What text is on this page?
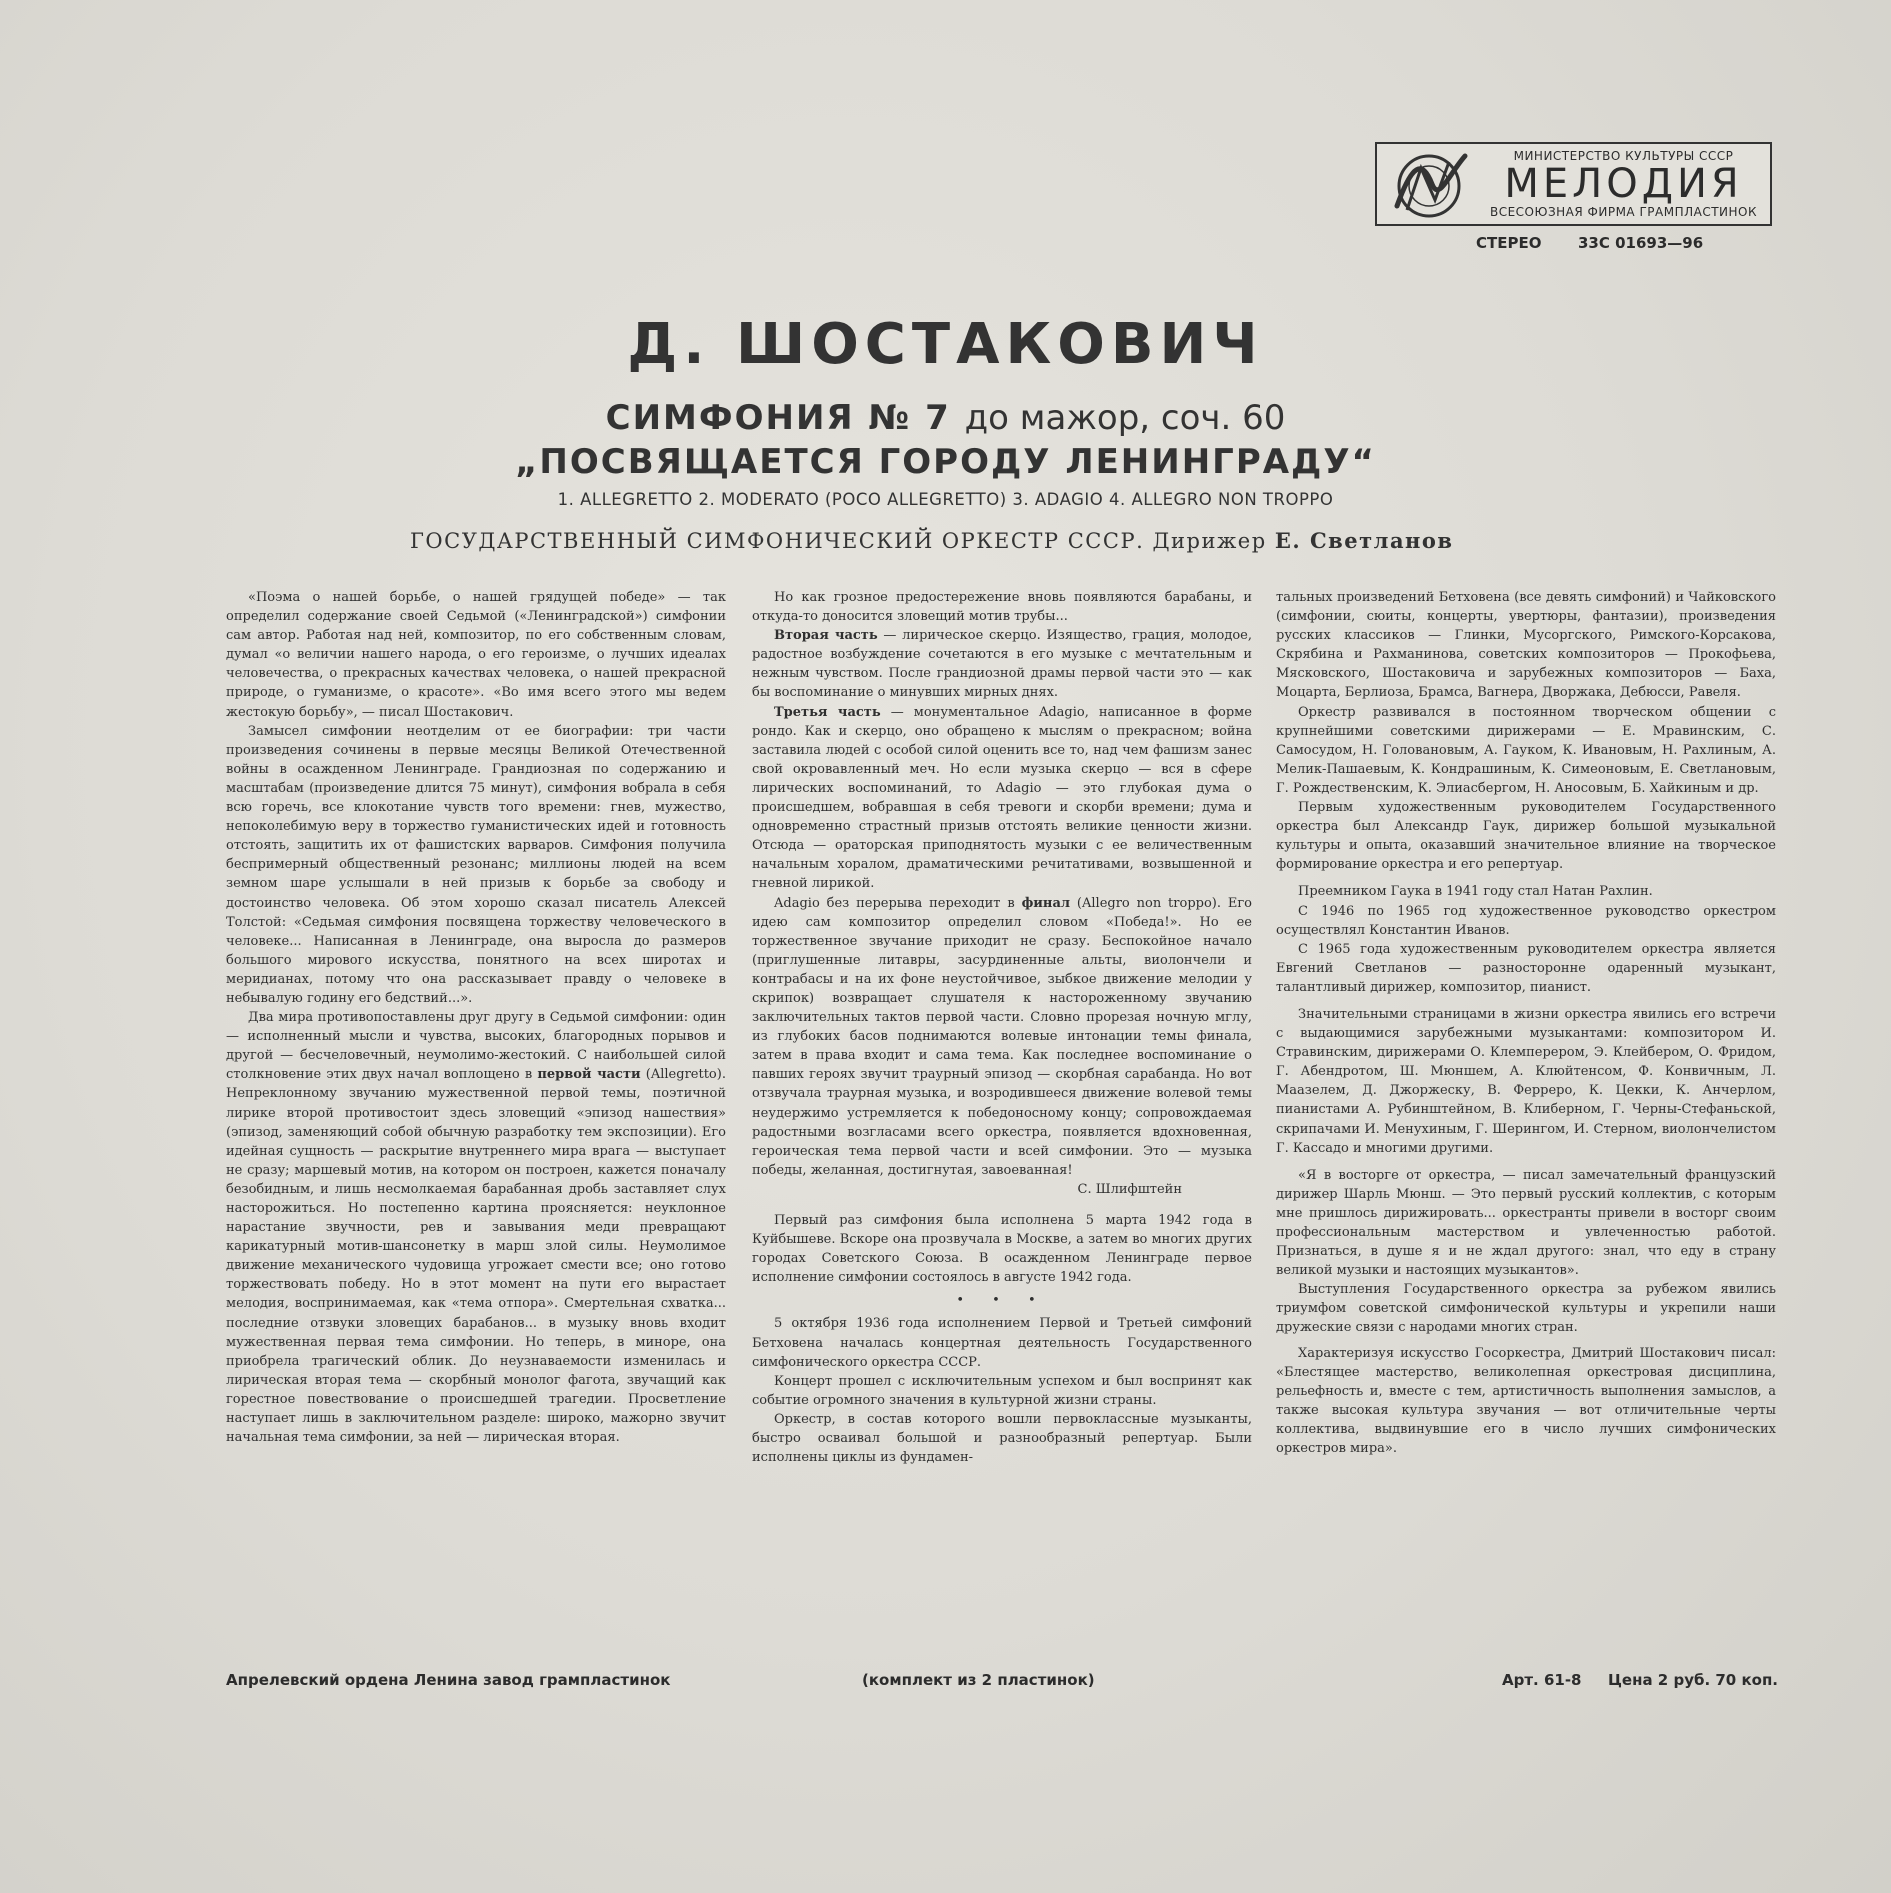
МИНИСТЕРСТВО КУЛЬТУРЫ СССР
МЕЛОДИЯ
ВСЕСОЮЗНАЯ ФИРМА ГРАМПЛАСТИНОК
СТЕРЕО 33С 01693—96
Д. ШОСТАКОВИЧ
СИМФОНИЯ № 7 до мажор, соч. 60
„ПОСВЯЩАЕТСЯ ГОРОДУ ЛЕНИНГРАДУ“
1. ALLEGRETTO 2. MODERATO (POCO ALLEGRETTO) 3. ADAGIO 4. ALLEGRO NON TROPPO
ГОСУДАРСТВЕННЫЙ СИМФОНИЧЕСКИЙ ОРКЕСТР СССР. Дирижер Е. Светланов

«Поэма о нашей борьбе, о нашей грядущей победе» — так определил содержание своей Седьмой («Ленинградской») симфонии сам автор. Работая над ней, композитор, по его собственным словам, думал «о величии нашего народа, о его героизме, о лучших идеалах человечества, о прекрасных качествах человека, о нашей прекрасной природе, о гуманизме, о красоте». «Во имя всего этого мы ведем жестокую борьбу», — писал Шостакович.

Замысел симфонии неотделим от ее биографии: три части произведения сочинены в первые месяцы Великой Отечественной войны в осажденном Ленинграде. Грандиозная по содержанию и масштабам (произведение длится 75 минут), симфония вобрала в себя всю горечь, все клокотание чувств того времени: гнев, мужество, непоколебимую веру в торжество гуманистических идей и готовность отстоять, защитить их от фашистских варваров. Симфония получила беспримерный общественный резонанс; миллионы людей на всем земном шаре услышали в ней призыв к борьбе за свободу и достоинство человека. Об этом хорошо сказал писатель Алексей Толстой: «Седьмая симфония посвящена торжеству человеческого в человеке... Написанная в Ленинграде, она выросла до размеров большого мирового искусства, понятного на всех широтах и меридианах, потому что она рассказывает правду о человеке в небывалую годину его бедствий...».

Два мира противопоставлены друг другу в Седьмой симфонии: один — исполненный мысли и чувства, высоких, благородных порывов и другой — бесчеловечный, неумолимо-жестокий. С наибольшей силой столкновение этих двух начал воплощено в первой части (Allegretto). Непреклонному звучанию мужественной первой темы, поэтичной лирике второй противостоит здесь зловещий «эпизод нашествия» (эпизод, заменяющий собой обычную разработку тем экспозиции). Его идейная сущность — раскрытие внутреннего мира врага — выступает не сразу; маршевый мотив, на котором он построен, кажется поначалу безобидным, и лишь несмолкаемая барабанная дробь заставляет слух насторожиться. Но постепенно картина проясняется: неуклонное нарастание звучности, рев и завывания меди превращают карикатурный мотив-шансонетку в марш злой силы. Неумолимое движение механического чудовища угрожает смести все; оно готово торжествовать победу. Но в этот момент на пути его вырастает мелодия, воспринимаемая, как «тема отпора». Смертельная схватка... последние отзвуки зловещих барабанов... в музыку вновь входит мужественная первая тема симфонии. Но теперь, в миноре, она приобрела трагический облик. До неузнаваемости изменилась и лирическая вторая тема — скорбный монолог фагота, звучащий как горестное повествование о происшедшей трагедии. Просветление наступает лишь в заключительном разделе: широко, мажорно звучит начальная тема симфонии, за ней — лирическая вторая.

Но как грозное предостережение вновь появляются барабаны, и откуда-то доносится зловещий мотив трубы...

Вторая часть — лирическое скерцо. Изящество, грация, молодое, радостное возбуждение сочетаются в его музыке с мечтательным и нежным чувством. После грандиозной драмы первой части это — как бы воспоминание о минувших мирных днях.

Третья часть — монументальное Adagio, написанное в форме рондо. Как и скерцо, оно обращено к мыслям о прекрасном; война заставила людей с особой силой оценить все то, над чем фашизм занес свой окровавленный меч. Но если музыка скерцо — вся в сфере лирических воспоминаний, то Adagio — это глубокая дума о происшедшем, вобравшая в себя тревоги и скорби времени; дума и одновременно страстный призыв отстоять великие ценности жизни. Отсюда — ораторская приподнятость музыки с ее величественным начальным хоралом, драматическими речитативами, возвышенной и гневной лирикой.

Adagio без перерыва переходит в финал (Allegro non troppo). Его идею сам композитор определил словом «Победа!». Но ее торжественное звучание приходит не сразу. Беспокойное начало (приглушенные литавры, засурдиненные альты, виолончели и контрабасы и на их фоне неустойчивое, зыбкое движение мелодии у скрипок) возвращает слушателя к настороженному звучанию заключительных тактов первой части. Словно прорезая ночную мглу, из глубоких басов поднимаются волевые интонации темы финала, затем в права входит и сама тема. Как последнее воспоминание о павших героях звучит траурный эпизод — скорбная сарабанда. Но вот отзвучала траурная музыка, и возродившееся движение волевой темы неудержимо устремляется к победоносному концу; сопровождаемая радостными возгласами всего оркестра, появляется вдохновенная, героическая тема первой части и всей симфонии. Это — музыка победы, желанная, достигнутая, завоеванная!

С. Шлифштейн

Первый раз симфония была исполнена 5 марта 1942 года в Куйбышеве. Вскоре она прозвучала в Москве, а затем во многих других городах Советского Союза. В осажденном Ленинграде первое исполнение симфонии состоялось в августе 1942 года.

• • •

5 октября 1936 года исполнением Первой и Третьей симфоний Бетховена началась концертная деятельность Государственного симфонического оркестра СССР.

Концерт прошел с исключительным успехом и был воспринят как событие огромного значения в культурной жизни страны.

Оркестр, в состав которого вошли первоклассные музыканты, быстро осваивал большой и разнообразный репертуар. Были исполнены циклы из фундамен-

тальных произведений Бетховена (все девять симфоний) и Чайковского (симфонии, сюиты, концерты, увертюры, фантазии), произведения русских классиков — Глинки, Мусоргского, Римского-Корсакова, Скрябина и Рахманинова, советских композиторов — Прокофьева, Мясковского, Шостаковича и зарубежных композиторов — Баха, Моцарта, Берлиоза, Брамса, Вагнера, Дворжака, Дебюсси, Равеля.

Оркестр развивался в постоянном творческом общении с крупнейшими советскими дирижерами — Е. Мравинским, С. Самосудом, Н. Головановым, А. Гауком, К. Ивановым, Н. Рахлиным, А. Мелик-Пашаевым, К. Кондрашиным, К. Симеоновым, Е. Светлановым, Г. Рождественским, К. Элиасбергом, Н. Аносовым, Б. Хайкиным и др.

Первым художественным руководителем Государственного оркестра был Александр Гаук, дирижер большой музыкальной культуры и опыта, оказавший значительное влияние на творческое формирование оркестра и его репертуар.

Преемником Гаука в 1941 году стал Натан Рахлин.

С 1946 по 1965 год художественное руководство оркестром осуществлял Константин Иванов.

С 1965 года художественным руководителем оркестра является Евгений Светланов — разносторонне одаренный музыкант, талантливый дирижер, композитор, пианист.

Значительными страницами в жизни оркестра явились его встречи с выдающимися зарубежными музыкантами: композитором И. Стравинским, дирижерами О. Клемперером, Э. Клейбером, О. Фридом, Г. Абендротом, Ш. Мюншем, А. Клюйтенсом, Ф. Конвичным, Л. Маазелем, Д. Джоржеску, В. Ферреро, К. Цекки, К. Анчерлом, пианистами А. Рубинштейном, В. Клиберном, Г. Черны-Стефаньской, скрипачами И. Менухиным, Г. Шерингом, И. Стерном, виолончелистом Г. Кассадо и многими другими.

«Я в восторге от оркестра, — писал замечательный французский дирижер Шарль Мюнш. — Это первый русский коллектив, с которым мне пришлось дирижировать... оркестранты привели в восторг своим профессиональным мастерством и увлеченностью работой. Признаться, в душе я и не ждал другого: знал, что еду в страну великой музыки и настоящих музыкантов».

Выступления Государственного оркестра за рубежом явились триумфом советской симфонической культуры и укрепили наши дружеские связи с народами многих стран.

Характеризуя искусство Госоркестра, Дмитрий Шостакович писал: «Блестящее мастерство, великолепная оркестровая дисциплина, рельефность и, вместе с тем, артистичность выполнения замыслов, а также высокая культура звучания — вот отличительные черты коллектива, выдвинувшие его в число лучших симфонических оркестров мира».

Апрелевский ордена Ленина завод грампластинок	(комплект из 2 пластинок)	Арт. 61-8 Цена 2 руб. 70 коп.
